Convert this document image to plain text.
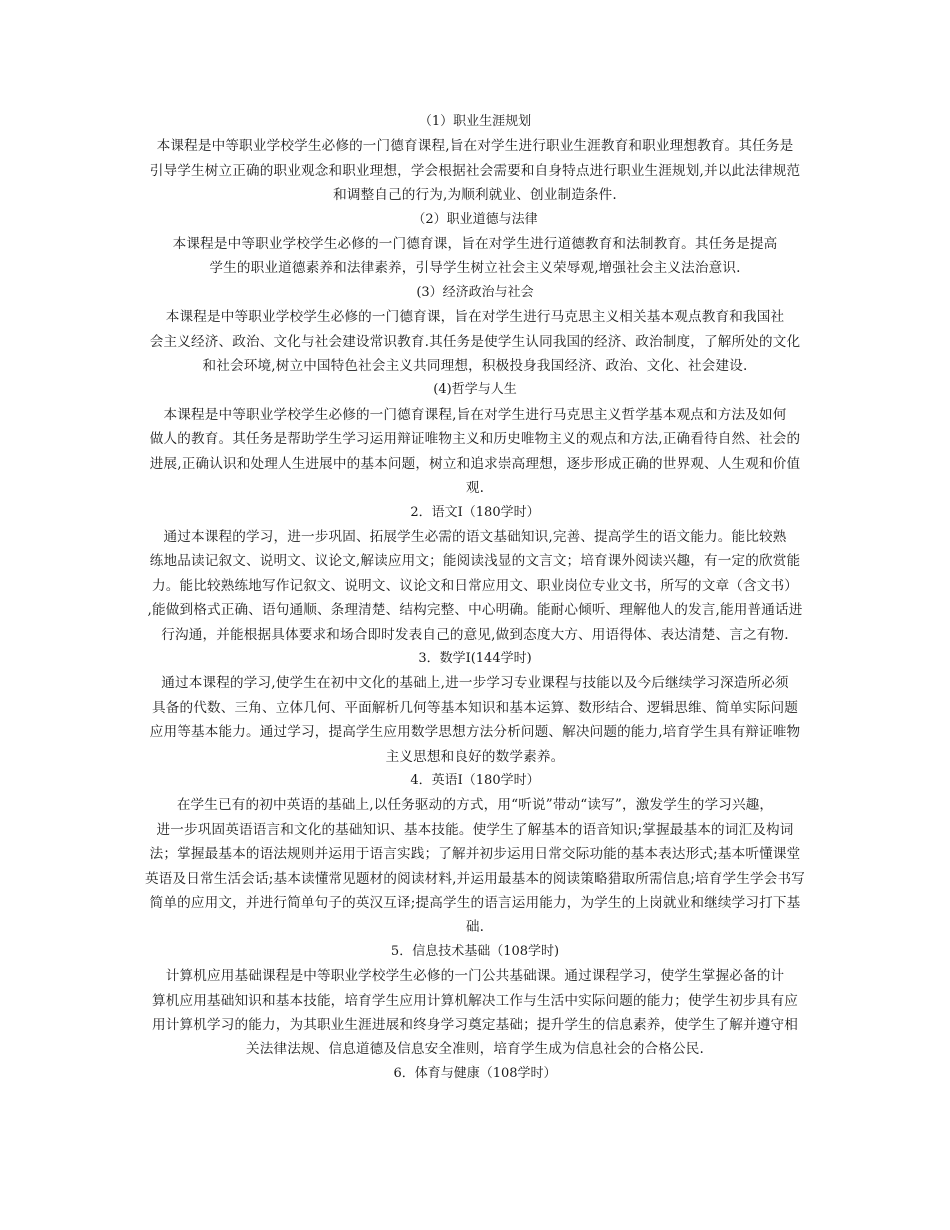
（1）职业生涯规划
本课程是中等职业学校学生必修的一门德育课程,旨在对学生进行职业生涯教育和职业理想教育。其任务是
引导学生树立正确的职业观念和职业理想，学会根据社会需要和自身特点进行职业生涯规划,并以此法律规范
和调整自己的行为,为顺利就业、创业制造条件.
（2）职业道德与法律
本课程是中等职业学校学生必修的一门德育课，旨在对学生进行道德教育和法制教育。其任务是提高
学生的职业道德素养和法律素养，引导学生树立社会主义荣辱观,增强社会主义法治意识.
(3）经济政治与社会
本课程是中等职业学校学生必修的一门德育课，旨在对学生进行马克思主义相关基本观点教育和我国社
会主义经济、政治、文化与社会建设常识教育.其任务是使学生认同我国的经济、政治制度，了解所处的文化
和社会环境,树立中国特色社会主义共同理想，积极投身我国经济、政治、文化、社会建设.
(4)哲学与人生
本课程是中等职业学校学生必修的一门德育课程,旨在对学生进行马克思主义哲学基本观点和方法及如何
做人的教育。其任务是帮助学生学习运用辩证唯物主义和历史唯物主义的观点和方法,正确看待自然、社会的
进展,正确认识和处理人生进展中的基本问题，树立和追求崇高理想，逐步形成正确的世界观、人生观和价值
观.
2．语文Ⅰ（180学时）
通过本课程的学习，进一步巩固、拓展学生必需的语文基础知识,完善、提高学生的语文能力。能比较熟
练地品读记叙文、说明文、议论文,解读应用文；能阅读浅显的文言文；培育课外阅读兴趣，有一定的欣赏能
力。能比较熟练地写作记叙文、说明文、议论文和日常应用文、职业岗位专业文书，所写的文章（含文书）
,能做到格式正确、语句通顺、条理清楚、结构完整、中心明确。能耐心倾听、理解他人的发言,能用普通话进
行沟通，并能根据具体要求和场合即时发表自己的意见,做到态度大方、用语得体、表达清楚、言之有物.
3．数学Ⅰ(144学时)
通过本课程的学习,使学生在初中文化的基础上,进一步学习专业课程与技能以及今后继续学习深造所必须
具备的代数、三角、立体几何、平面解析几何等基本知识和基本运算、数形结合、逻辑思维、简单实际问题
应用等基本能力。通过学习，提高学生应用数学思想方法分析问题、解决问题的能力,培育学生具有辩证唯物
主义思想和良好的数学素养。
4．英语Ⅰ（180学时）
在学生已有的初中英语的基础上,以任务驱动的方式，用“听说”带动“读写”，激发学生的学习兴趣，
进一步巩固英语语言和文化的基础知识、基本技能。使学生了解基本的语音知识;掌握最基本的词汇及构词
法；掌握最基本的语法规则并运用于语言实践；了解并初步运用日常交际功能的基本表达形式;基本听懂课堂
英语及日常生活会话;基本读懂常见题材的阅读材料,并运用最基本的阅读策略猎取所需信息;培育学生学会书写
简单的应用文，并进行简单句子的英汉互译;提高学生的语言运用能力，为学生的上岗就业和继续学习打下基
础.
5．信息技术基础（108学时)
计算机应用基础课程是中等职业学校学生必修的一门公共基础课。通过课程学习，使学生掌握必备的计
算机应用基础知识和基本技能，培育学生应用计算机解决工作与生活中实际问题的能力；使学生初步具有应
用计算机学习的能力，为其职业生涯进展和终身学习奠定基础；提升学生的信息素养，使学生了解并遵守相
关法律法规、信息道德及信息安全准则，培育学生成为信息社会的合格公民.
6．体育与健康（108学时）
